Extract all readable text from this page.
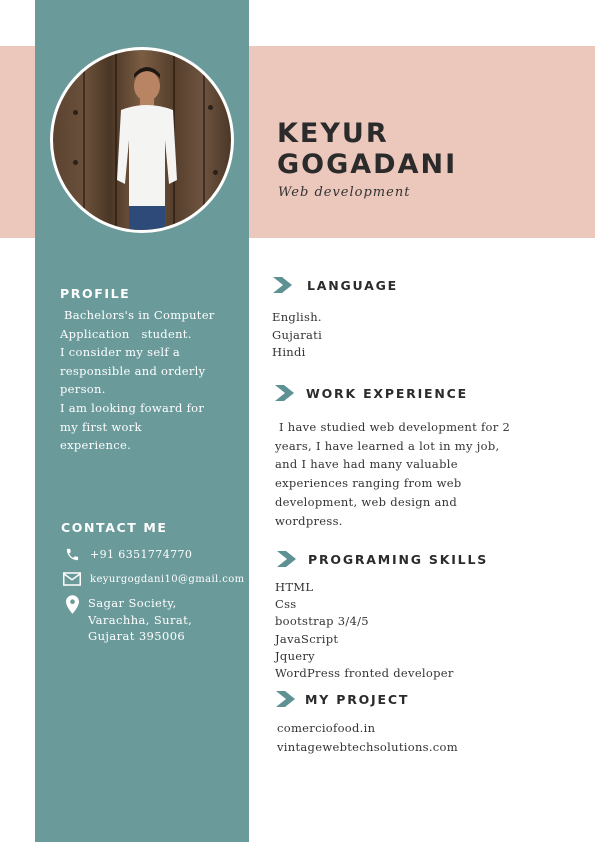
KEYUR
GOGADANI
Web development
PROFILE
Bachelors's in Computer
Application   student.
I consider my self a
responsible and orderly
person.
I am looking foward for
my first work
experience.
CONTACT ME
+91 6351774770
keyurgogdani10@gmail.com
Sagar Society,
Varachha, Surat,
Gujarat 395006
LANGUAGE
English.
Gujarati
Hindi
WORK EXPERIENCE
I have studied web development for 2
years, I have learned a lot in my job,
and I have had many valuable
experiences ranging from web
development, web design and
wordpress.
PROGRAMING SKILLS
HTML
Css
bootstrap 3/4/5
JavaScript
Jquery
WordPress fronted developer
MY PROJECT
comerciofood.in
vintagewebtechsolutions.com
